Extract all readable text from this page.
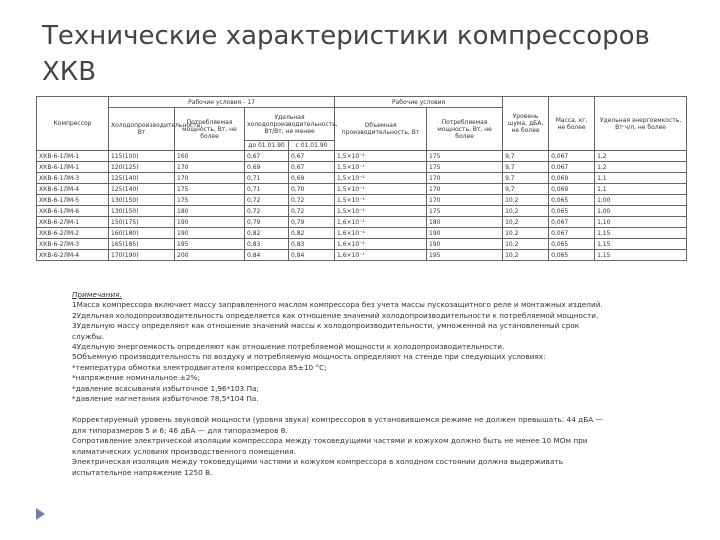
Технические характеристики компрессоров ХКВ
Компрессор	Рабочие условия - 17				Рабочие условия		Уровень шума, дБА, не более	Масса, кг, не более	Удельная энергоемкость, Вт·ч/л, не более
	Холодопроизводительность, Вт	Потребляемая мощность, Вт, не более	Удельная холодопроизводительность, Вт/Вт, не менее		Объемная производительность, Вт	Потребляемая мощность, Вт, не более			
			до 01.01.90	с 01.01.90					
ХКВ-6-1ЛМ-1	115(100)	160	0,67	0,67	1,5×10⁻¹	175	9,7	0,067	1,2
ХКВ-6-1ЛМ-1	120(125)	170	0,69	0,67	1,5×10⁻¹	175	9,7	0,067	1,2
ХКВ-6-1ЛМ-3	125(140)	170	0,71	0,69	1,5×10⁻¹	170	9,7	0,069	1,1
ХКВ-6-1ЛМ-4	125(140)	175	0,71	0,70	1,5×10⁻¹	170	9,7	0,069	1,1
ХКВ-6-1ЛМ-5	130(150)	175	0,72	0,72	1,5×10⁻¹	170	10,2	0,065	1,00
ХКВ-6-1ЛМ-6	130(150)	180	0,72	0,72	1,5×10⁻¹	175	10,2	0,065	1,00
ХКВ-6-2ЛМ-1	150(175)	190	0,79	0,79	1,6×10⁻¹	180	10,2	0,067	1,10
ХКВ-6-2ЛМ-2	160(180)	190	0,82	0,82	1,6×10⁻¹	190	10,2	0,067	1,15
ХКВ-6-2ЛМ-3	165(185)	195	0,83	0,83	1,6×10⁻¹	190	10,2	0,065	1,15
ХКВ-6-2ЛМ-4	170(190)	200	0,84	0,84	1,6×10⁻¹	195	10,2	0,065	1,15

Примечания.

1Масса компрессора включает массу заправленного маслом компрессора без учета массы пускозащитного реле и монтажных изделий.

2Удельная холодопроизводительность определяется как отношение значений холодопроизводительности к потребляемой мощности.

3Удельную массу определяют как отношение значений массы к холодопроизводительности, умноженной на установленный срок

службы.

4Удельную энергоемкость определяют как отношение потребляемой мощности к холодопроизводительности.

5Объемную производительность по воздуху и потребляемую мощность определяют на стенде при следующих условиях:

*температура обмотки электродвигателя компрессора 85±10 °С;

*напряжение номинальное ±2%;

*давление всасывания избыточное 1,96*103 Па;

*давление нагнетания избыточное 78,5*104 Па.

Корректируемый уровень звуковой мощности (уровня звука) компрессоров в установившемся режиме не должен превышать: 44 дБА —

для типоразмеров 5 и 6; 46 дБА — для типоразмеров 8.

Сопротивление электрической изоляции компрессора между токоведущими частями и кожухом должно быть не менее 10 МОм при

климатических условиях производственного помещения.

Электрическая изоляция между токоведущими частями и кожухом компрессора в холодном состоянии должна выдерживать

испытательное напряжение 1250 В.
